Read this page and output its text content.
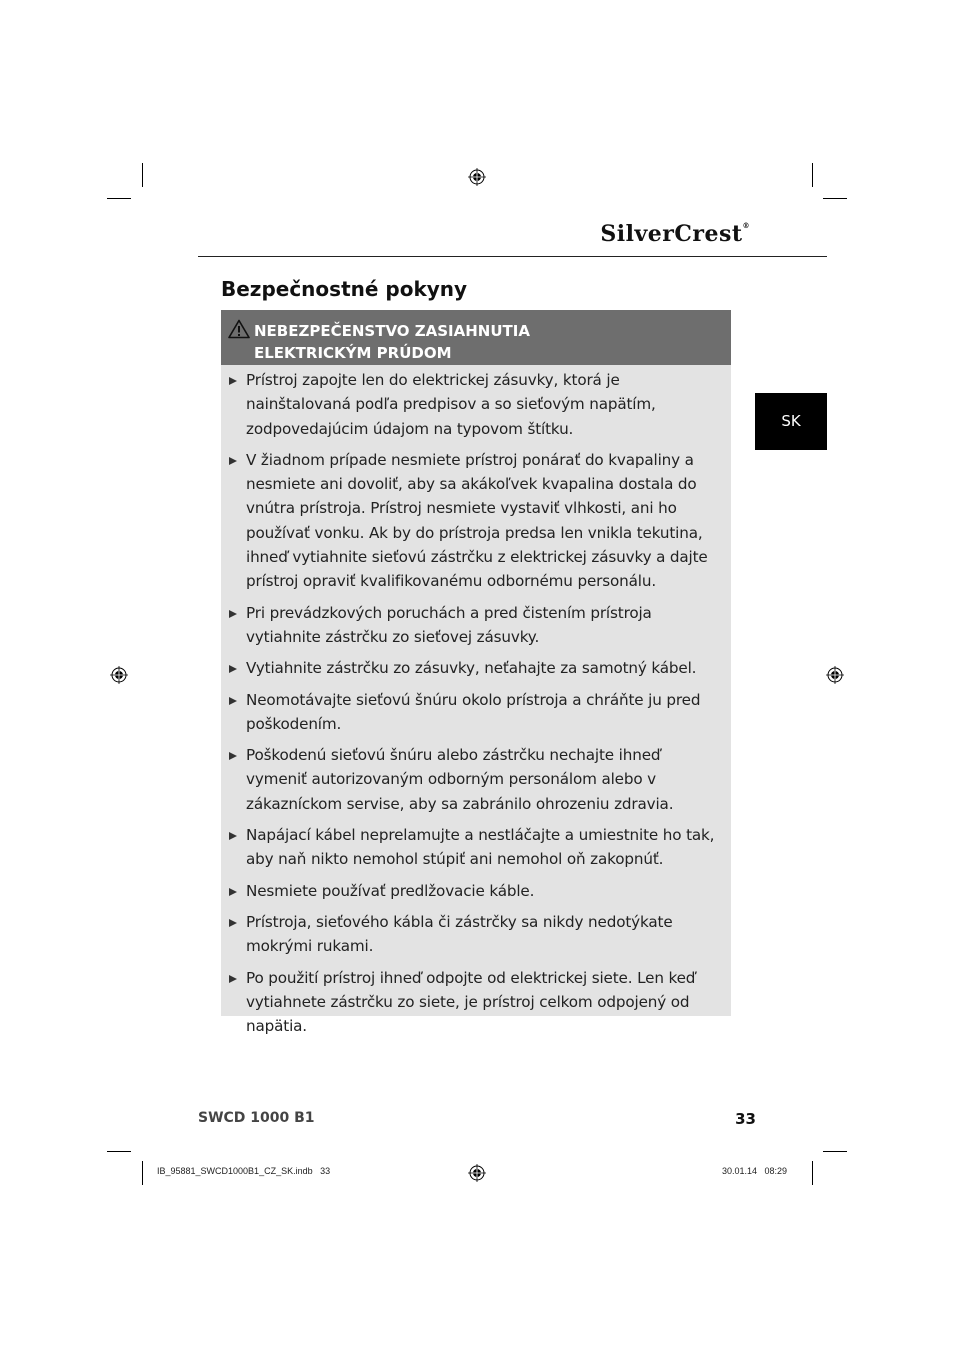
SilverCrest®
Bezpečnostné pokyny
NEBEZPEČENSTVO ZASIAHNUTIA
ELEKTRICKÝM PRÚDOM
Prístroj zapojte len do elektrickej zásuvky, ktorá je nainštalovaná podľa predpisov a so sieťovým napätím, zodpovedajúcim údajom na typovom štítku.
V žiadnom prípade nesmiete prístroj ponárať do kvapaliny a nesmiete ani dovoliť, aby sa akákoľvek kvapalina dostala do vnútra prístroja. Prístroj nesmiete vystaviť vlhkosti, ani ho používať vonku. Ak by do prístroja predsa len vnikla tekutina, ihneď vytiahnite sieťovú zástrčku z elektrickej zásuvky a dajte prístroj opraviť kvalifikovanému odbornému personálu.
Pri prevádzkových poruchách a pred čistením prístroja vytiahnite zástrčku zo sieťovej zásuvky.
Vytiahnite zástrčku zo zásuvky, neťahajte za samotný kábel.
Neomotávajte sieťovú šnúru okolo prístroja a chráňte ju pred poškodením.
Poškodenú sieťovú šnúru alebo zástrčku nechajte ihneď vymeniť autorizovaným odborným personálom alebo v zákazníckom servise, aby sa zabránilo ohrozeniu zdravia.
Napájací kábel neprelamujte a nestláčajte a umiestnite ho tak, aby naň nikto nemohol stúpiť ani nemohol oň zakopnúť.
Nesmiete používať predlžovacie káble.
Prístroja, sieťového kábla či zástrčky sa nikdy nedotýkate mokrými rukami.
Po použití prístroj ihneď odpojte od elektrickej siete. Len keď vytiahnete zástrčku zo siete, je prístroj celkom odpojený od napätia.
SK
SWCD 1000 B1	33
IB_95881_SWCD1000B1_CZ_SK.indb   33	30.01.14   08:29
